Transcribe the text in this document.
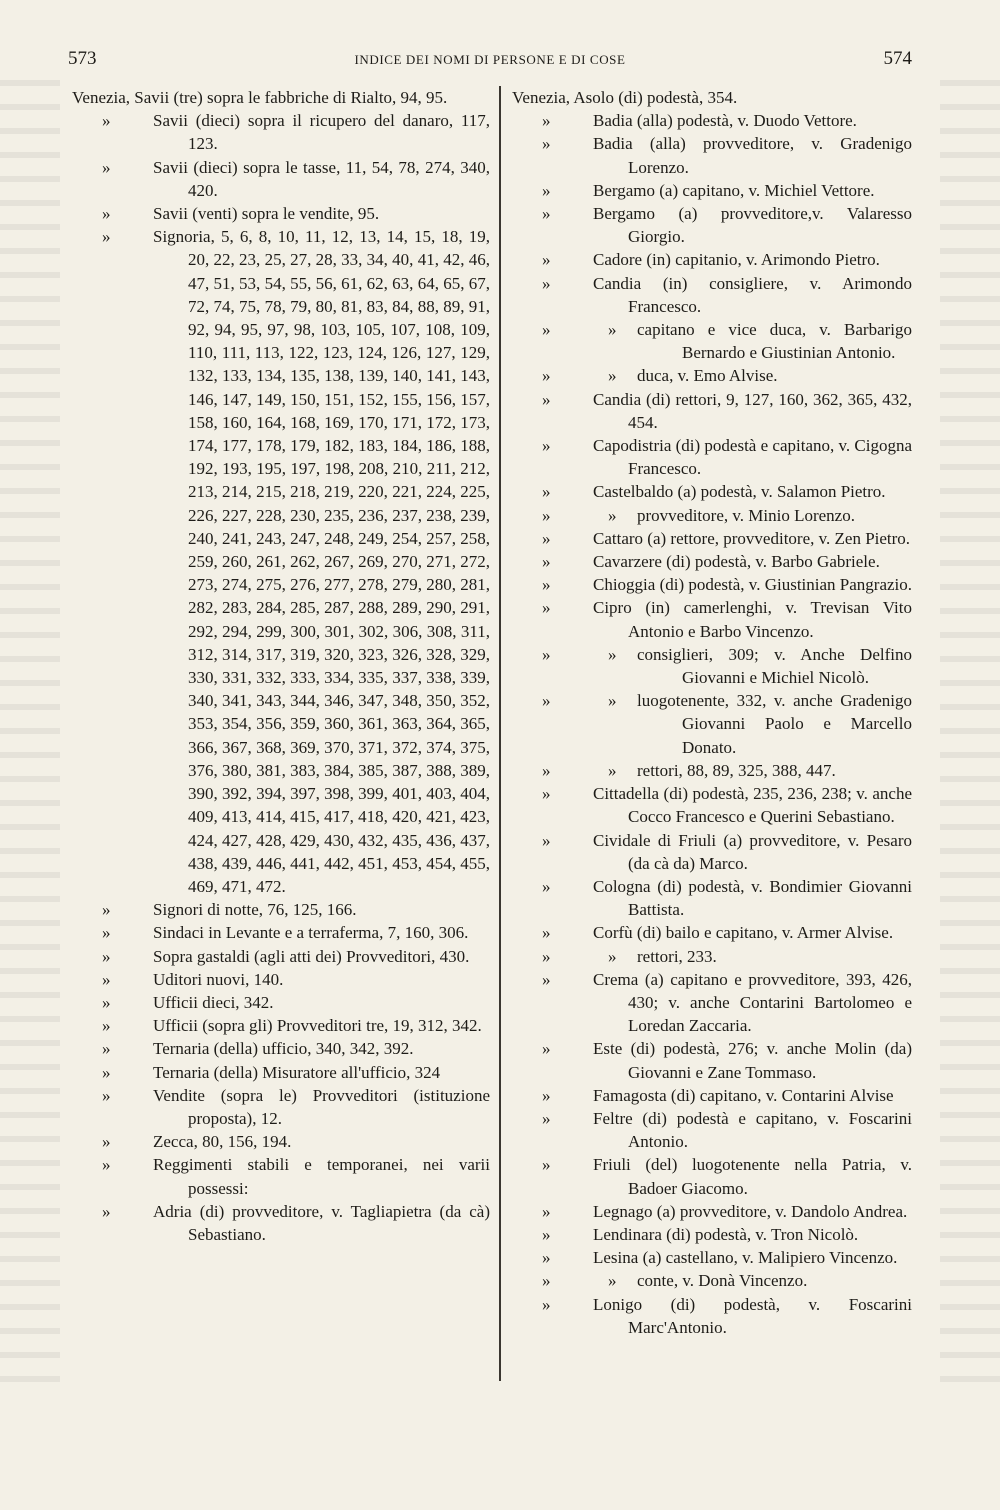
573	INDICE DEI NOMI DI PERSONE E DI COSE	574
Venezia, Savii (tre) sopra le fabbriche di Rialto, 94, 95.
»	Savii (dieci) sopra il ricupero del danaro, 117, 123.
»	Savii (dieci) sopra le tasse, 11, 54, 78, 274, 340, 420.
»	Savii (venti) sopra le vendite, 95.
»	Signoria, 5, 6, 8, 10, 11, 12, 13, 14, 15, 18, 19, 20, 22, 23, 25, 27, 28, 33, 34, 40, 41, 42, 46, 47, 51, 53, 54, 55, 56, 61, 62, 63, 64, 65, 67, 72, 74, 75, 78, 79, 80, 81, 83, 84, 88, 89, 91, 92, 94, 95, 97, 98, 103, 105, 107, 108, 109, 110, 111, 113, 122, 123, 124, 126, 127, 129, 132, 133, 134, 135, 138, 139, 140, 141, 143, 146, 147, 149, 150, 151, 152, 155, 156, 157, 158, 160, 164, 168, 169, 170, 171, 172, 173, 174, 177, 178, 179, 182, 183, 184, 186, 188, 192, 193, 195, 197, 198, 208, 210, 211, 212, 213, 214, 215, 218, 219, 220, 221, 224, 225, 226, 227, 228, 230, 235, 236, 237, 238, 239, 240, 241, 243, 247, 248, 249, 254, 257, 258, 259, 260, 261, 262, 267, 269, 270, 271, 272, 273, 274, 275, 276, 277, 278, 279, 280, 281, 282, 283, 284, 285, 287, 288, 289, 290, 291, 292, 294, 299, 300, 301, 302, 306, 308, 311, 312, 314, 317, 319, 320, 323, 326, 328, 329, 330, 331, 332, 333, 334, 335, 337, 338, 339, 340, 341, 343, 344, 346, 347, 348, 350, 352, 353, 354, 356, 359, 360, 361, 363, 364, 365, 366, 367, 368, 369, 370, 371, 372, 374, 375, 376, 380, 381, 383, 384, 385, 387, 388, 389, 390, 392, 394, 397, 398, 399, 401, 403, 404, 409, 413, 414, 415, 417, 418, 420, 421, 423, 424, 427, 428, 429, 430, 432, 435, 436, 437, 438, 439, 446, 441, 442, 451, 453, 454, 455, 469, 471, 472.
»	Signori di notte, 76, 125, 166.
»	Sindaci in Levante e a terraferma, 7, 160, 306.
»	Sopra gastaldi (agli atti dei) Provveditori, 430.
»	Uditori nuovi, 140.
»	Ufficii dieci, 342.
»	Ufficii (sopra gli) Provveditori tre, 19, 312, 342.
»	Ternaria (della) ufficio, 340, 342, 392.
»	Ternaria (della) Misuratore all'ufficio, 324
»	Vendite (sopra le) Provveditori (istituzione proposta), 12.
»	Zecca, 80, 156, 194.
»	Reggimenti stabili e temporanei, nei varii possessi:
»	Adria (di) provveditore, v. Tagliapietra (da cà) Sebastiano.
Venezia, Asolo (di) podestà, 354.
»	Badia (alla) podestà, v. Duodo Vettore.
»	Badia (alla) provveditore, v. Gradenigo Lorenzo.
»	Bergamo (a) capitano, v. Michiel Vettore.
»	Bergamo (a) provveditore,v. Valaresso Giorgio.
»	Cadore (in) capitanio, v. Arimondo Pietro.
»	Candia (in) consigliere, v. Arimondo Francesco.
»	» capitano e vice duca, v. Barbarigo Bernardo e Giustinian Antonio.
»	» duca, v. Emo Alvise.
»	Candia (di) rettori, 9, 127, 160, 362, 365, 432, 454.
»	Capodistria (di) podestà e capitano, v. Cigogna Francesco.
»	Castelbaldo (a) podestà, v. Salamon Pietro.
»	» provveditore, v. Minio Lorenzo.
»	Cattaro (a) rettore, provveditore, v. Zen Pietro.
»	Cavarzere (di) podestà, v. Barbo Gabriele.
»	Chioggia (di) podestà, v. Giustinian Pangrazio.
»	Cipro (in) camerlenghi, v. Trevisan Vito Antonio e Barbo Vincenzo.
»	» consiglieri, 309; v. Anche Delfino Giovanni e Michiel Nicolò.
»	» luogotenente, 332, v. anche Gradenigo Giovanni Paolo e Marcello Donato.
»	» rettori, 88, 89, 325, 388, 447.
»	Cittadella (di) podestà, 235, 236, 238; v. anche Cocco Francesco e Querini Sebastiano.
»	Cividale di Friuli (a) provveditore, v. Pesaro (da cà da) Marco.
»	Cologna (di) podestà, v. Bondimier Giovanni Battista.
»	Corfù (di) bailo e capitano, v. Armer Alvise.
»	» rettori, 233.
»	Crema (a) capitano e provveditore, 393, 426, 430; v. anche Contarini Bartolomeo e Loredan Zaccaria.
»	Este (di) podestà, 276; v. anche Molin (da) Giovanni e Zane Tommaso.
»	Famagosta (di) capitano, v. Contarini Alvise
»	Feltre (di) podestà e capitano, v. Foscarini Antonio.
»	Friuli (del) luogotenente nella Patria, v. Badoer Giacomo.
»	Legnago (a) provveditore, v. Dandolo Andrea.
»	Lendinara (di) podestà, v. Tron Nicolò.
»	Lesina (a) castellano, v. Malipiero Vincenzo.
»	» conte, v. Donà Vincenzo.
»	Lonigo (di) podestà, v. Foscarini Marc'Antonio.
